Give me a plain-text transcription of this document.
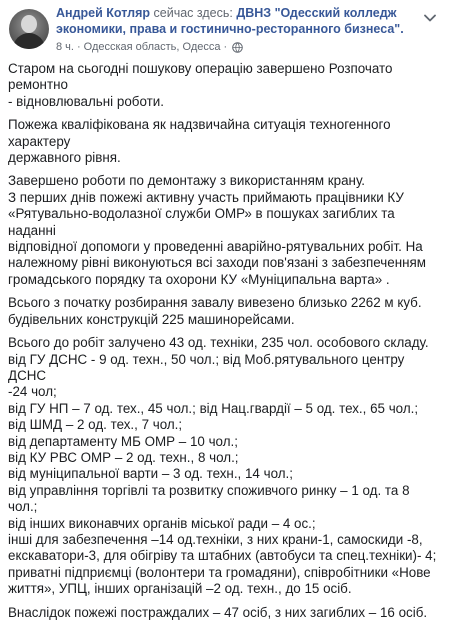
Андрей Котляр сейчас здесь: ДВНЗ "Одесский колледж экономики, права и гостинично-ресторанного бизнеса".
8 ч. · Одесская область, Одесса ·

Старом на сьогодні пошукову операцію завершено Розпочато ремонтно
- відновлювальні роботи.

Пожежа кваліфікована як надзвичайна ситуація техногенного характеру
державного рівня.

Завершено роботи по демонтажу з використанням крану.
З перших днів пожежі активну участь приймають працівники КУ
«Рятувально-водолазної служби ОМР» в пошуках загиблих та наданні
відповідної допомоги у проведенні аварійно-рятувальних робіт. На
належному рівні виконуються всі заходи пов'язані з забезпеченням
громадського порядку та охорони КУ «Муніципальна варта» .

Всього з початку розбирання завалу вивезено близько 2262 м куб.
будівельних конструкцій 225 машинорейсами.

Всього до робіт залучено 43 од. техніки, 235 чол. особового складу.
від ГУ ДСНС - 9 од. техн., 50 чол.; від Моб.рятувального центру ДСНС
-24 чол;
від ГУ НП – 7 од. тех., 45 чол.; від Нац.гвардії – 5 од. тех., 65 чол.;
від ШМД – 2 од. тех., 7 чол.;
від департаменту МБ ОМР – 10 чол.;
від КУ РВС ОМР – 2 од. техн., 8 чол.;
від муніципальної варти – 3 од. техн., 14 чол.;
від управління торгівлі та розвитку споживчого ринку – 1 од. та 8 чол.;
від інших виконавчих органів міської ради – 4 ос.;
інші для забезпечення –14 од.техніки, з них крани-1, самоскиди -8,
екскаватори-3, для обігріву та штабних (автобуси та спец.техніки)- 4;
приватні підприємці (волонтери та громадяни), співробітники «Нове
життя», УПЦ, інших організацій –2 од. техн., до 15 осіб.

Внаслідок пожежі постраждалих – 47 осіб, з них загиблих – 16 осіб.
